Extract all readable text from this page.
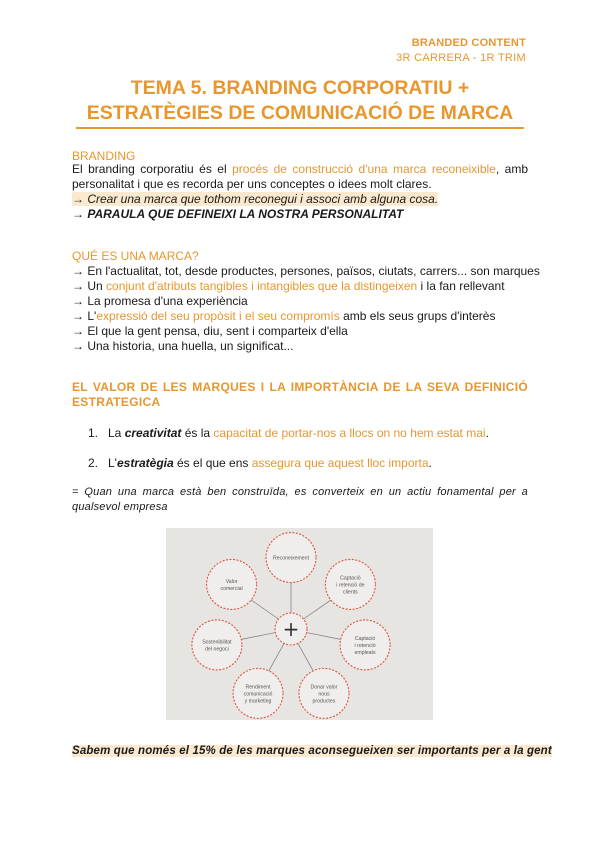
BRANDED CONTENT
3R CARRERA - 1R TRIM
TEMA 5. BRANDING CORPORATIU +
ESTRATÈGIES DE COMUNICACIÓ DE MARCA
BRANDING
El branding corporatiu és el procés de construcció d'una marca reconeixible, amb personalitat i que es recorda per uns conceptes o idees molt clares.
→ Crear una marca que tothom reconegui i associ amb alguna cosa.
→ PARAULA QUE DEFINEIXI LA NOSTRA PERSONALITAT
QUÉ ES UNA MARCA?
→ En l'actualitat, tot, desde productes, persones, països, ciutats, carrers... son marques
→ Un conjunt d'atributs tangibles i intangibles que la distingeixen i la fan rellevant
→ La promesa d'una experiència
→ L'expressió del seu propòsit i el seu compromís amb els seus grups d'interès
→ El que la gent pensa, diu, sent i comparteix d'ella
→ Una historia, una huella, un significat...
EL VALOR DE LES MARQUES I LA IMPORTÀNCIA DE LA SEVA DEFINICIÓ ESTRATEGICA
1. La creativitat és la capacitat de portar-nos a llocs on no hem estat mai.
2. L'estratègia és el que ens assegura que aquest lloc importa.
= Quan una marca està ben construïda, es converteix en un actiu fonamental per a qualsevol empresa
Reconeixement
Captació i retenció de clients
Captació i retenció empleats
Donar valor nous productes
Rendiment comunicació y marketing
Sostenibilitat del negoci
Valor comercial
+
Sabem que només el 15% de les marques aconsegueixen ser importants per a la gent
